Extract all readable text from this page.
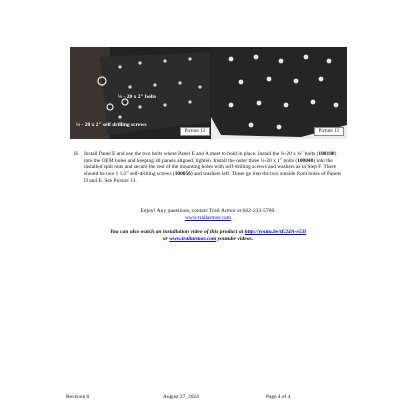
¼ - 20 x 2" bolts
¼ - 20 x 2" self drilling screws
Picture 12	Picture 13
H. Install Panel E and use the two bolts where Panel E and A meet to hold in place. Install the ¼-20 x ¾" bolts (100108) into the OEM holes and keeping all panels aligned, tighten. Install the outer three ¼-20 x 1" bolts (100048) into the installed split nuts and secure the rest of the mounting holes with self-drilling screws and washers as in Step F. There should be two 1 1/2" self-drilling screws (100056) and washers left. These go into the two outside front holes of Panels D and E. See Picture 13.
Enjoy! Any questions, contact Trail Armor at 662-233-5700.
www.trailarmor.com
You can also watch an installation video of this product at http://youtu.be/tE24A-e53i
or www.trailarmor.com youtube videos.
Revision 6	August 27, 2024	Page 4 of 4
